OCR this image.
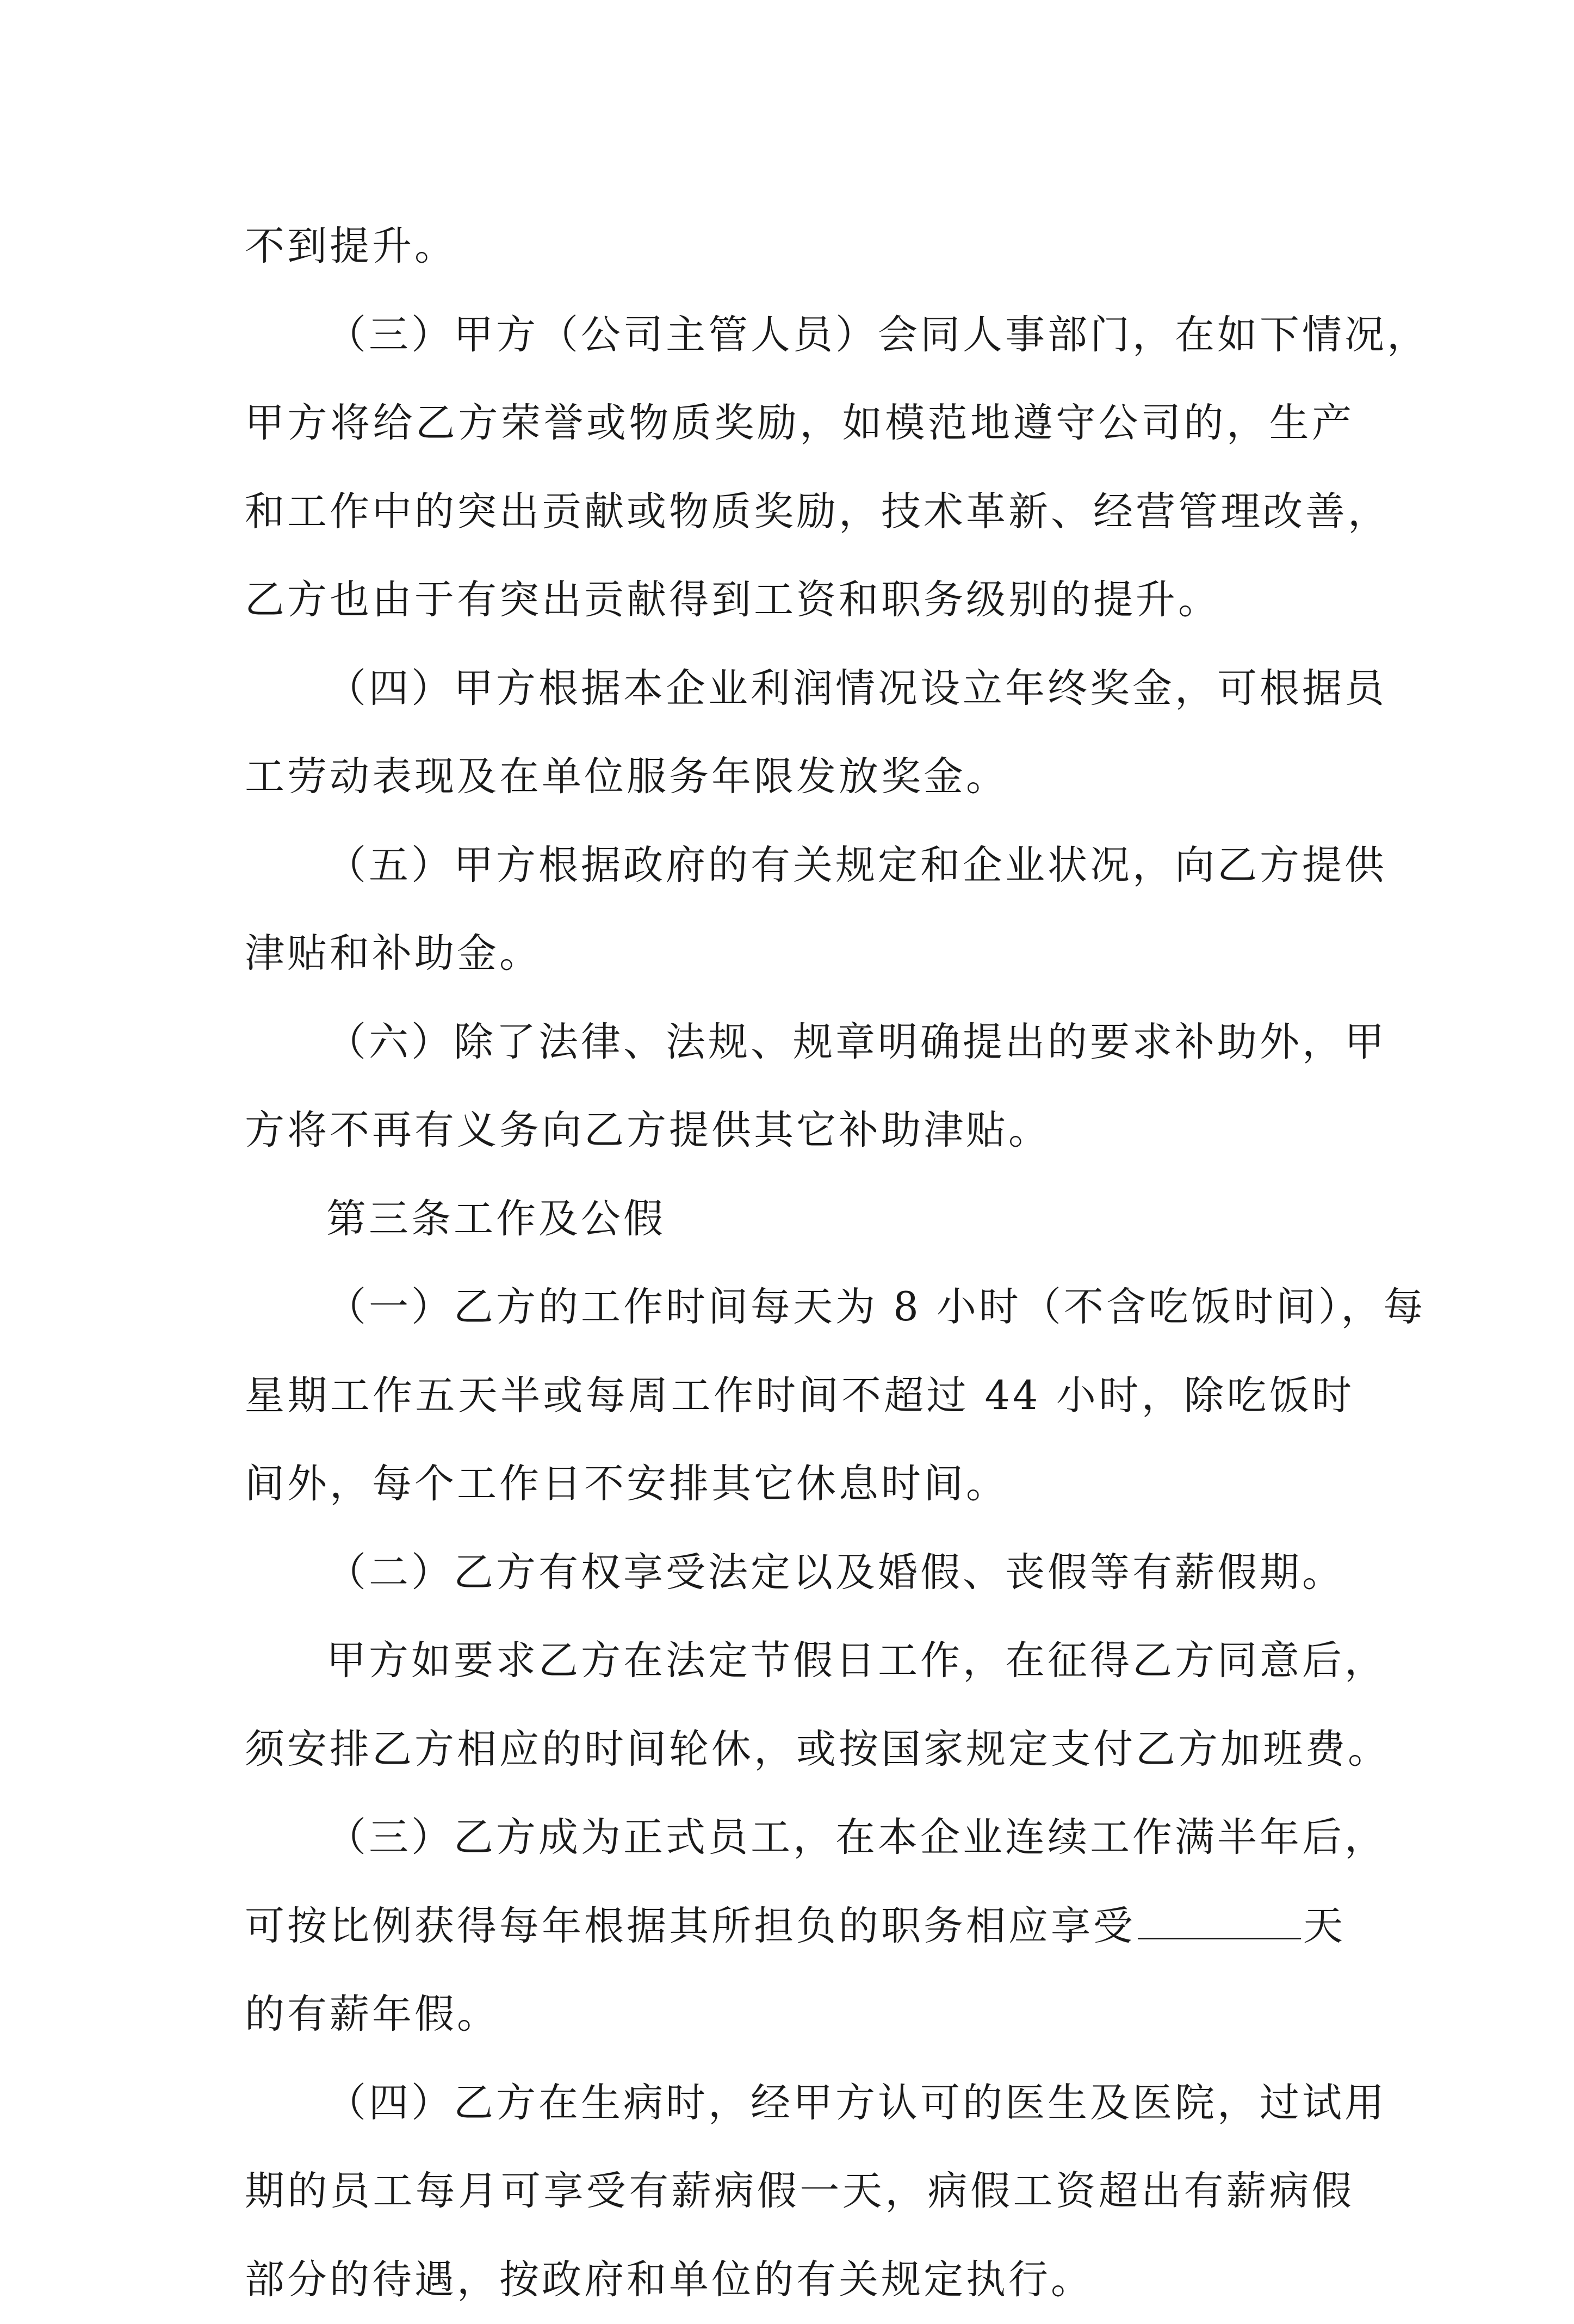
不到提升。
（三）甲方（公司主管人员）会同人事部门，在如下情况，
甲方将给乙方荣誉或物质奖励，如模范地遵守公司的，生产
和工作中的突出贡献或物质奖励，技术革新、经营管理改善，
乙方也由于有突出贡献得到工资和职务级别的提升。
（四）甲方根据本企业利润情况设立年终奖金，可根据员
工劳动表现及在单位服务年限发放奖金。
（五）甲方根据政府的有关规定和企业状况，向乙方提供
津贴和补助金。
（六）除了法律、法规、规章明确提出的要求补助外，甲
方将不再有义务向乙方提供其它补助津贴。
第三条工作及公假
（一）乙方的工作时间每天为 8 小时（不含吃饭时间），每
星期工作五天半或每周工作时间不超过 44 小时，除吃饭时
间外，每个工作日不安排其它休息时间。
（二）乙方有权享受法定以及婚假、丧假等有薪假期。
甲方如要求乙方在法定节假日工作，在征得乙方同意后，
须安排乙方相应的时间轮休，或按国家规定支付乙方加班费。
（三）乙方成为正式员工，在本企业连续工作满半年后，
可按比例获得每年根据其所担负的职务相应享受	天
的有薪年假。
（四）乙方在生病时，经甲方认可的医生及医院，过试用
期的员工每月可享受有薪病假一天，病假工资超出有薪病假
部分的待遇，按政府和单位的有关规定执行。
